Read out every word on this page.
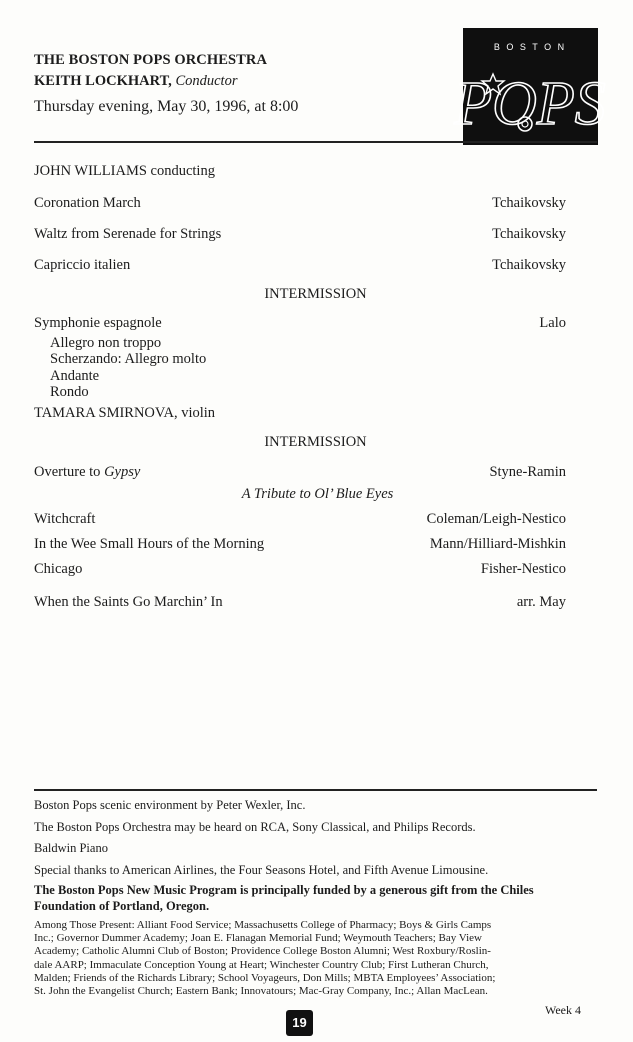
THE BOSTON POPS ORCHESTRA
KEITH LOCKHART, Conductor
Thursday evening, May 30, 1996, at 8:00
B O S T O N
POPS
JOHN WILLIAMS conducting
Coronation March	Tchaikovsky
Waltz from Serenade for Strings	Tchaikovsky
Capriccio italien	Tchaikovsky
INTERMISSION
Symphonie espagnole	Lalo
Allegro non troppo
Scherzando: Allegro molto
Andante
Rondo
TAMARA SMIRNOVA, violin
INTERMISSION
Overture to Gypsy	Styne-Ramin
A Tribute to Ol’ Blue Eyes
Witchcraft	Coleman/Leigh-Nestico
In the Wee Small Hours of the Morning	Mann/Hilliard-Mishkin
Chicago	Fisher-Nestico
When the Saints Go Marchin’ In	arr. May
Boston Pops scenic environment by Peter Wexler, Inc.
The Boston Pops Orchestra may be heard on RCA, Sony Classical, and Philips Records.
Baldwin Piano
Special thanks to American Airlines, the Four Seasons Hotel, and Fifth Avenue Limousine.
The Boston Pops New Music Program is principally funded by a generous gift from the Chiles Foundation of Portland, Oregon.
Among Those Present: Alliant Food Service; Massachusetts College of Pharmacy; Boys & Girls Camps
Inc.; Governor Dummer Academy; Joan E. Flanagan Memorial Fund; Weymouth Teachers; Bay View
Academy; Catholic Alumni Club of Boston; Providence College Boston Alumni; West Roxbury/Roslin-
dale AARP; Immaculate Conception Young at Heart; Winchester Country Club; First Lutheran Church,
Malden; Friends of the Richards Library; School Voyageurs, Don Mills; MBTA Employees’ Association;
St. John the Evangelist Church; Eastern Bank; Innovatours; Mac-Gray Company, Inc.; Allan MacLean.
Week 4
19
